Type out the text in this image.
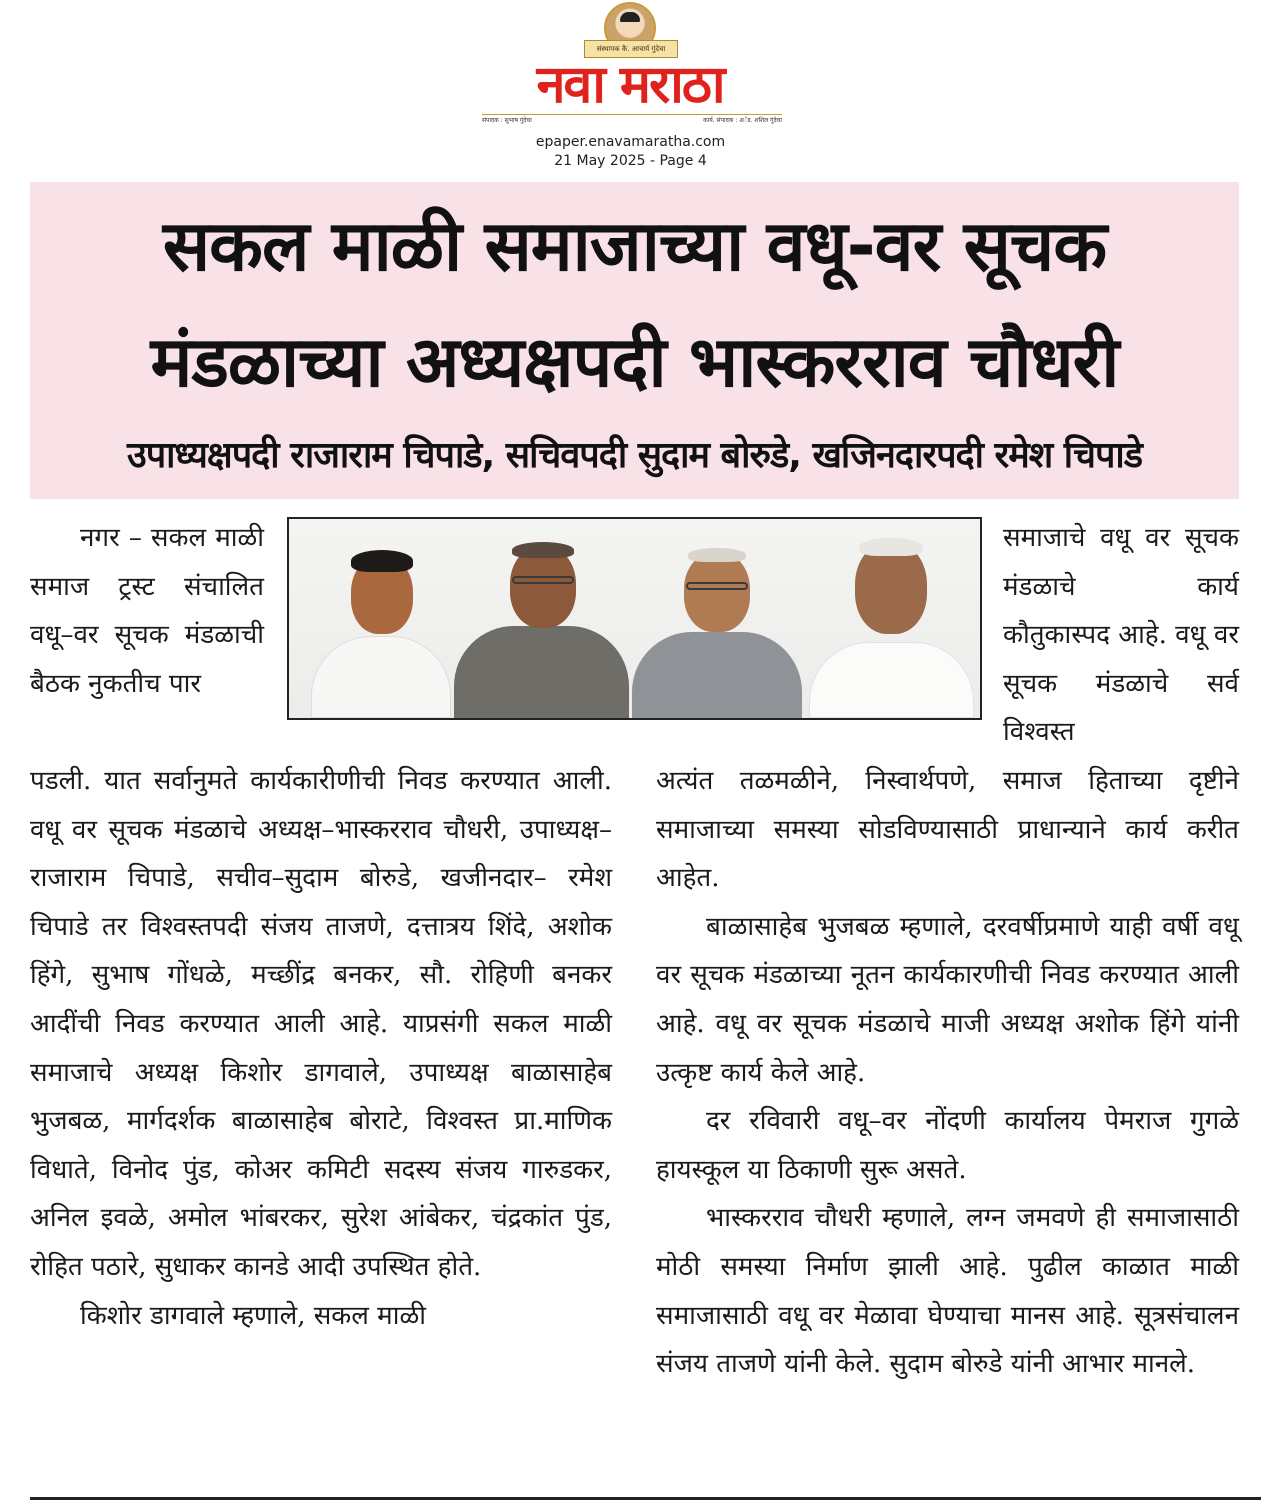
संस्थापक कै. आचार्य गुंदेचा
नवा मराठा
संपादक : सुभाष गुंदेचा	कार्य. संपादक : अॅड. शशिल गुंदेचा
epaper.enavamaratha.com
21 May 2025 - Page 4
सकल माळी समाजाच्या वधू-वर सूचक
मंडळाच्या अध्यक्षपदी भास्करराव चौधरी
उपाध्यक्षपदी राजाराम चिपाडे, सचिवपदी सुदाम बोरुडे, खजिनदारपदी रमेश चिपाडे

नगर – सकल माळी समाज ट्रस्ट संचालित वधू–वर सूचक मंडळाची बैठक नुकतीच पार

समाजाचे वधू वर सूचक मंडळाचे कार्य कौतुकास्पद आहे. वधू वर सूचक मंडळाचे सर्व विश्वस्त

पडली. यात सर्वानुमते कार्यकारीणीची निवड करण्यात आली. वधू वर सूचक मंडळाचे अध्यक्ष–भास्करराव चौधरी, उपाध्यक्ष–राजाराम चिपाडे, सचीव–सुदाम बोरुडे, खजीनदार– रमेश चिपाडे तर विश्वस्तपदी संजय ताजणे, दत्तात्रय शिंदे, अशोक हिंगे, सुभाष गोंधळे, मच्छींद्र बनकर, सौ. रोहिणी बनकर आदींची निवड करण्यात आली आहे. याप्रसंगी सकल माळी समाजाचे अध्यक्ष किशोर डागवाले, उपाध्यक्ष बाळासाहेब भुजबळ, मार्गदर्शक बाळासाहेब बोराटे, विश्वस्त प्रा.माणिक विधाते, विनोद पुंड, कोअर कमिटी सदस्य संजय गारुडकर, अनिल इवळे, अमोल भांबरकर, सुरेश आंबेकर, चंद्रकांत पुंड, रोहित पठारे, सुधाकर कानडे आदी उपस्थित होते.

किशोर डागवाले म्हणाले, सकल माळी

अत्यंत तळमळीने, निस्वार्थपणे, समाज हिताच्या दृष्टीने समाजाच्या समस्या सोडविण्यासाठी प्राधान्याने कार्य करीत आहेत.

बाळासाहेब भुजबळ म्हणाले, दरवर्षीप्रमाणे याही वर्षी वधू वर सूचक मंडळाच्या नूतन कार्यकारणीची निवड करण्यात आली आहे. वधू वर सूचक मंडळाचे माजी अध्यक्ष अशोक हिंगे यांनी उत्कृष्ट कार्य केले आहे.

दर रविवारी वधू–वर नोंदणी कार्यालय पेमराज गुगळे हायस्कूल या ठिकाणी सुरू असते.

भास्करराव चौधरी म्हणाले, लग्न जमवणे ही समाजासाठी मोठी समस्या निर्माण झाली आहे. पुढील काळात माळी समाजासाठी वधू वर मेळावा घेण्याचा मानस आहे. सूत्रसंचालन संजय ताजणे यांनी केले. सुदाम बोरुडे यांनी आभार मानले.
